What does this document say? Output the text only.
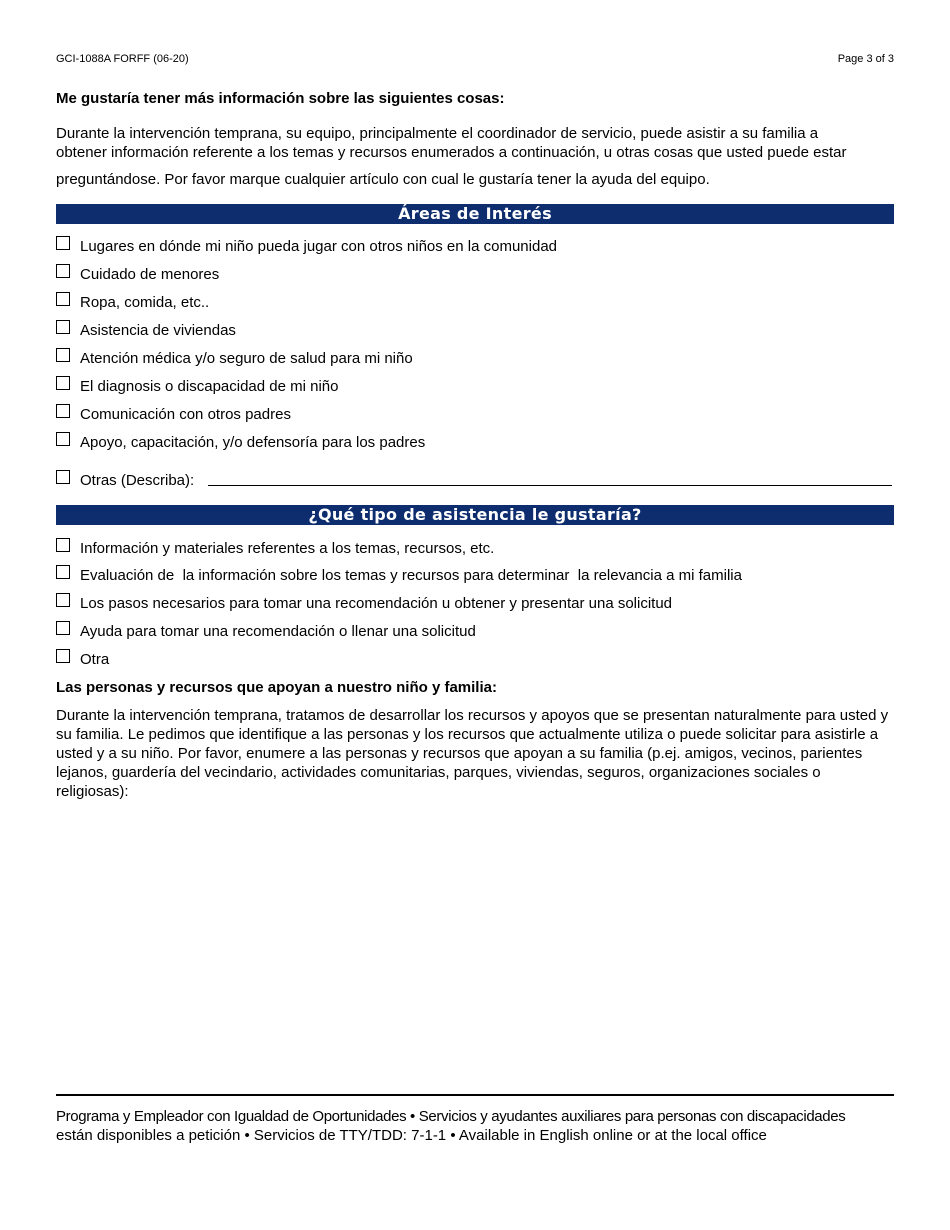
GCI-1088A FORFF (06-20)	Page 3 of 3
Me gustaría tener más información sobre las siguientes cosas:

Durante la intervención temprana, su equipo, principalmente el coordinador de servicio, puede asistir a su familia a

obtener información referente a los temas y recursos enumerados a continuación, u otras cosas que usted puede estar

preguntándose. Por favor marque cualquier artículo con cual le gustaría tener la ayuda del equipo.

Áreas de Interés
Lugares en dónde mi niño pueda jugar con otros niños en la comunidad
Cuidado de menores
Ropa, comida, etc..
Asistencia de viviendas
Atención médica y/o seguro de salud para mi niño
El diagnosis o discapacidad de mi niño
Comunicación con otros padres
Apoyo, capacitación, y/o defensoría para los padres
Otras (Describa):
¿Qué tipo de asistencia le gustaría?
Información y materiales referentes a los temas, recursos, etc.
Evaluación de  la información sobre los temas y recursos para determinar  la relevancia a mi familia
Los pasos necesarios para tomar una recomendación u obtener y presentar una solicitud
Ayuda para tomar una recomendación o llenar una solicitud
Otra
Las personas y recursos que apoyan a nuestro niño y familia:
Durante la intervención temprana, tratamos de desarrollar los recursos y apoyos que se presentan naturalmente para usted y su familia. Le pedimos que identifique a las personas y los recursos que actualmente utiliza o puede solicitar para asistirle a usted y a su niño. Por favor, enumere a las personas y recursos que apoyan a su familia (p.ej. amigos, vecinos, parientes lejanos, guardería del vecindario, actividades comunitarias, parques, viviendas, seguros, organizaciones sociales o religiosas):

Programa y Empleador con Igualdad de Oportunidades • Servicios y ayudantes auxiliares para personas con discapacidades

están disponibles a petición • Servicios de TTY/TDD: 7-1-1 • Available in English online or at the local office
